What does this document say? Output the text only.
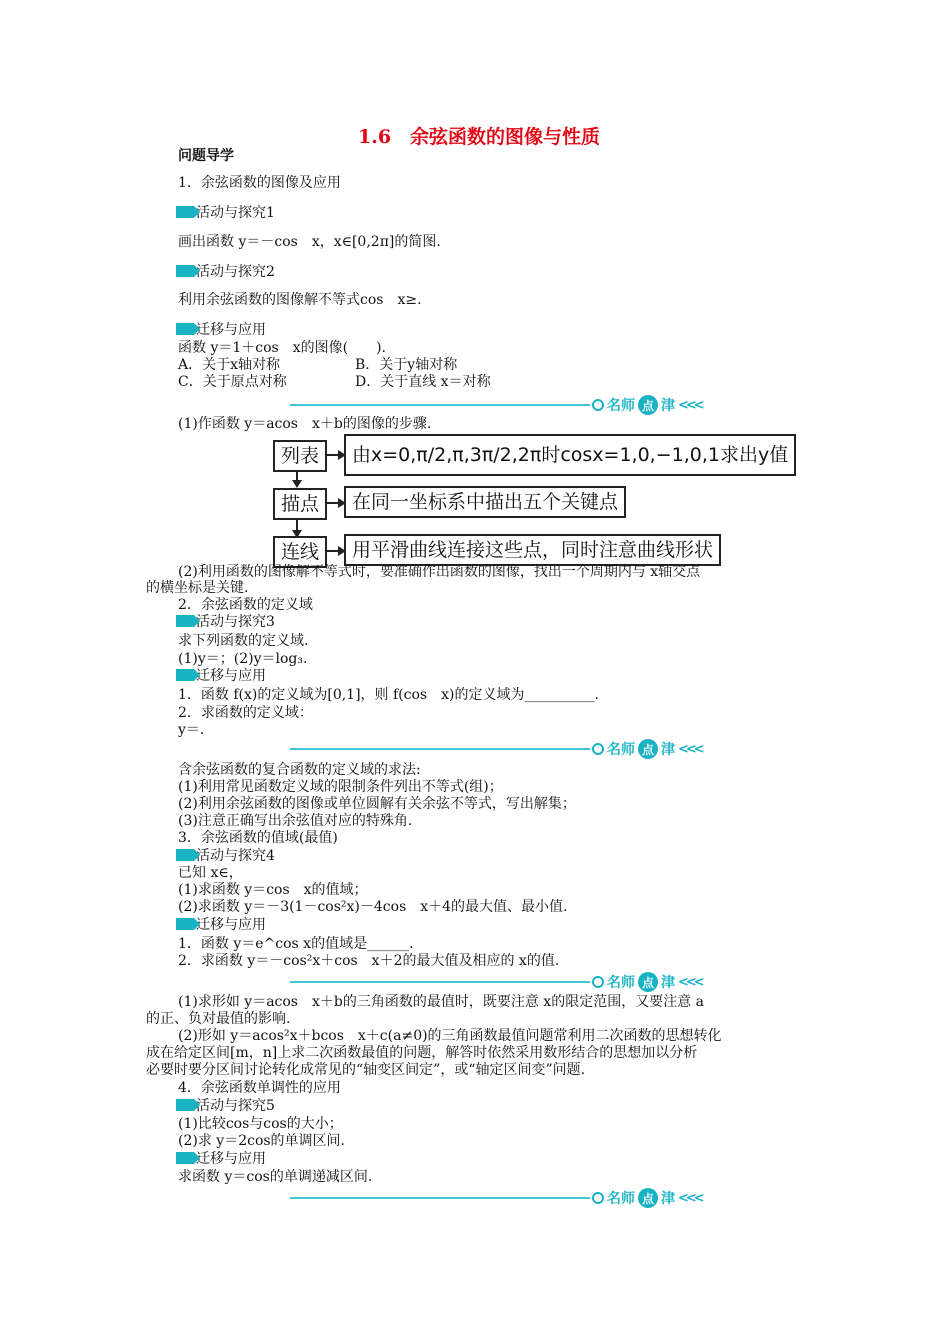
1.6　余弦函数的图像与性质
问题导学
1．余弦函数的图像及应用
活动与探究1
画出函数 y＝－cos　x，x∈[0,2π]的简图.
活动与探究2
利用余弦函数的图像解不等式cos　x≥.
迁移与应用
函数 y＝1＋cos　x的图像(　　).
A．关于x轴对称	B．关于y轴对称
C．关于原点对称	D．关于直线 x＝对称
名师 点 津 <<<
(1)作函数 y＝acos　x＋b的图像的步骤.
列表	由x=0,π/2,π,3π/2,2π时cosx=1,0,−1,0,1求出y值
描点	在同一坐标系中描出五个关键点
连线	用平滑曲线连接这些点，同时注意曲线形状
(2)利用函数的图像解不等式时，要准确作出函数的图像，找出一个周期内与 x轴交点
的横坐标是关键.
2．余弦函数的定义域
活动与探究3
求下列函数的定义域.
(1)y＝；(2)y＝log₃.
迁移与应用
1．函数 f(x)的定义域为[0,1]，则 f(cos　x)的定义域为__________.
2．求函数的定义域：
y＝.
名师 点 津 <<<
含余弦函数的复合函数的定义域的求法:
(1)利用常见函数定义域的限制条件列出不等式(组)；
(2)利用余弦函数的图像或单位圆解有关余弦不等式，写出解集；
(3)注意正确写出余弦值对应的特殊角.
3．余弦函数的值域(最值)
活动与探究4
已知 x∈，
(1)求函数 y＝cos　x的值域；
(2)求函数 y＝－3(1－cos²x)－4cos　x＋4的最大值、最小值.
迁移与应用
1．函数 y＝e^cos x的值域是______.
2．求函数 y＝－cos²x＋cos　x＋2的最大值及相应的 x的值.
名师 点 津 <<<
(1)求形如 y＝acos　x＋b的三角函数的最值时，既要注意 x的限定范围，又要注意 a
的正、负对最值的影响.
(2)形如 y＝acos²x＋bcos　x＋c(a≠0)的三角函数最值问题常利用二次函数的思想转化
成在给定区间[m，n]上求二次函数最值的问题，解答时依然采用数形结合的思想加以分析
必要时要分区间讨论转化成常见的“轴变区间定”，或“轴定区间变”问题.
4．余弦函数单调性的应用
活动与探究5
(1)比较cos与cos的大小；
(2)求 y＝2cos的单调区间.
迁移与应用
求函数 y＝cos的单调递减区间.
名师 点 津 <<<
